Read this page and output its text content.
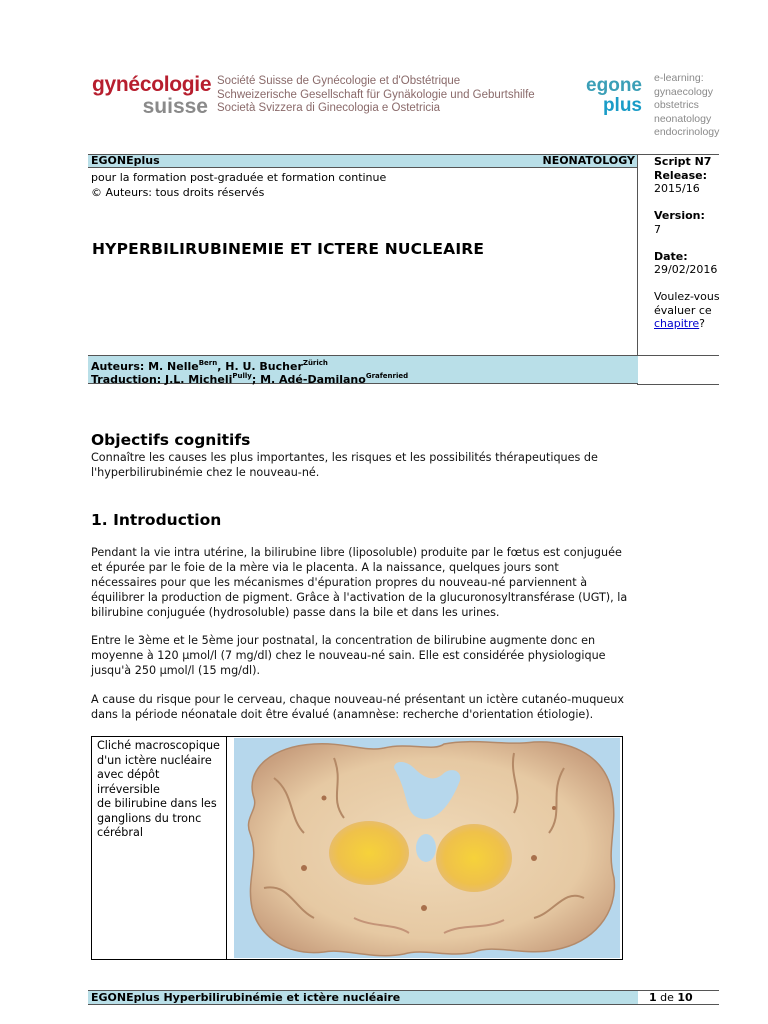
gynécologie
suisse
Société Suisse de Gynécologie et d'Obstétrique
Schweizerische Gesellschaft für Gynäkologie und Geburtshilfe
Società Svizzera di Ginecologia e Ostetricia
egone
plus
e-learning:
gynaecology
obstetrics
neonatology
endocrinology
EGONEplus	NEONATOLOGY
pour la formation post-graduée et formation continue
© Auteurs: tous droits réservés
HYPERBILIRUBINEMIE ET ICTERE NUCLEAIRE
Script N7
Release:
2015/16
Version:
7
Date:
29/02/2016
Voulez-vous
évaluer ce
chapitre?
Auteurs: M. Nelle$^{Bern}$, H. U. Bucher$^{Zürich}$
Traduction: J.L. Micheli$^{Pully}$; M. Adé-Damilano$^{Grafenried}$
Objectifs cognitifs
Connaître les causes les plus importantes, les risques et les possibilités thérapeutiques de
l'hyperbilirubinémie chez le nouveau-né.
1. Introduction
Pendant la vie intra utérine, la bilirubine libre (liposoluble) produite par le fœtus est conjuguée
et épurée par le foie de la mère via le placenta. A la naissance, quelques jours sont
nécessaires pour que les mécanismes d'épuration propres du nouveau-né parviennent à
équilibrer la production de pigment. Grâce à l'activation de la glucuronosyltransférase (UGT), la
bilirubine conjuguée (hydrosoluble) passe dans la bile et dans les urines.
Entre le 3ème et le 5ème jour postnatal, la concentration de bilirubine augmente donc en
moyenne à 120 μmol/l (7 mg/dl) chez le nouveau-né sain. Elle est considérée physiologique
jusqu'à 250 μmol/l (15 mg/dl).
A cause du risque pour le cerveau, chaque nouveau-né présentant un ictère cutanéo-muqueux
dans la période néonatale doit être évalué (anamnèse: recherche d'orientation étiologie).
Cliché macroscopique
d'un ictère nucléaire
avec dépôt
irréversible
de bilirubine dans les
ganglions du tronc
cérébral
EGONEplus Hyperbilirubinémie et ictère nucléaire	1 de 10
